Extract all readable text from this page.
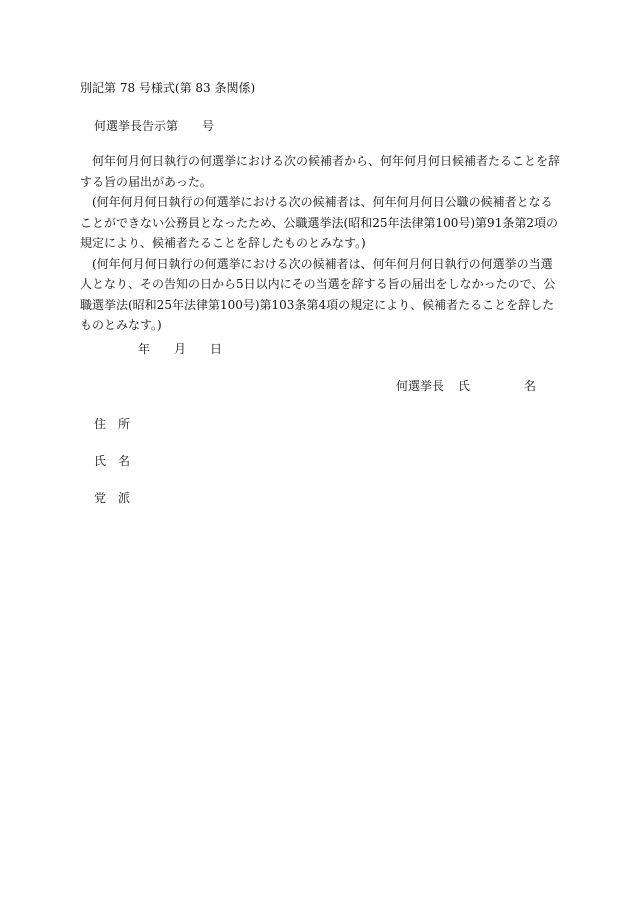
別記第 78 号様式(第 83 条関係)
何選挙長告示第　　号

　何年何月何日執行の何選挙における次の候補者から、何年何月何日候補者たることを辞する旨の届出があった。

　(何年何月何日執行の何選挙における次の候補者は、何年何月何日公職の候補者となることができない公務員となったため、公職選挙法(昭和25年法律第100号)第91条第2項の規定により、候補者たることを辞したものとみなす。)

　(何年何月何日執行の何選挙における次の候補者は、何年何月何日執行の何選挙の当選人となり、その告知の日から5日以内にその当選を辞する旨の届出をしなかったので、公職選挙法(昭和25年法律第100号)第103条第4項の規定により、候補者たることを辞したものとみなす。)

年 月 日
何選挙長 氏	名
住　所
氏　名
党　派
